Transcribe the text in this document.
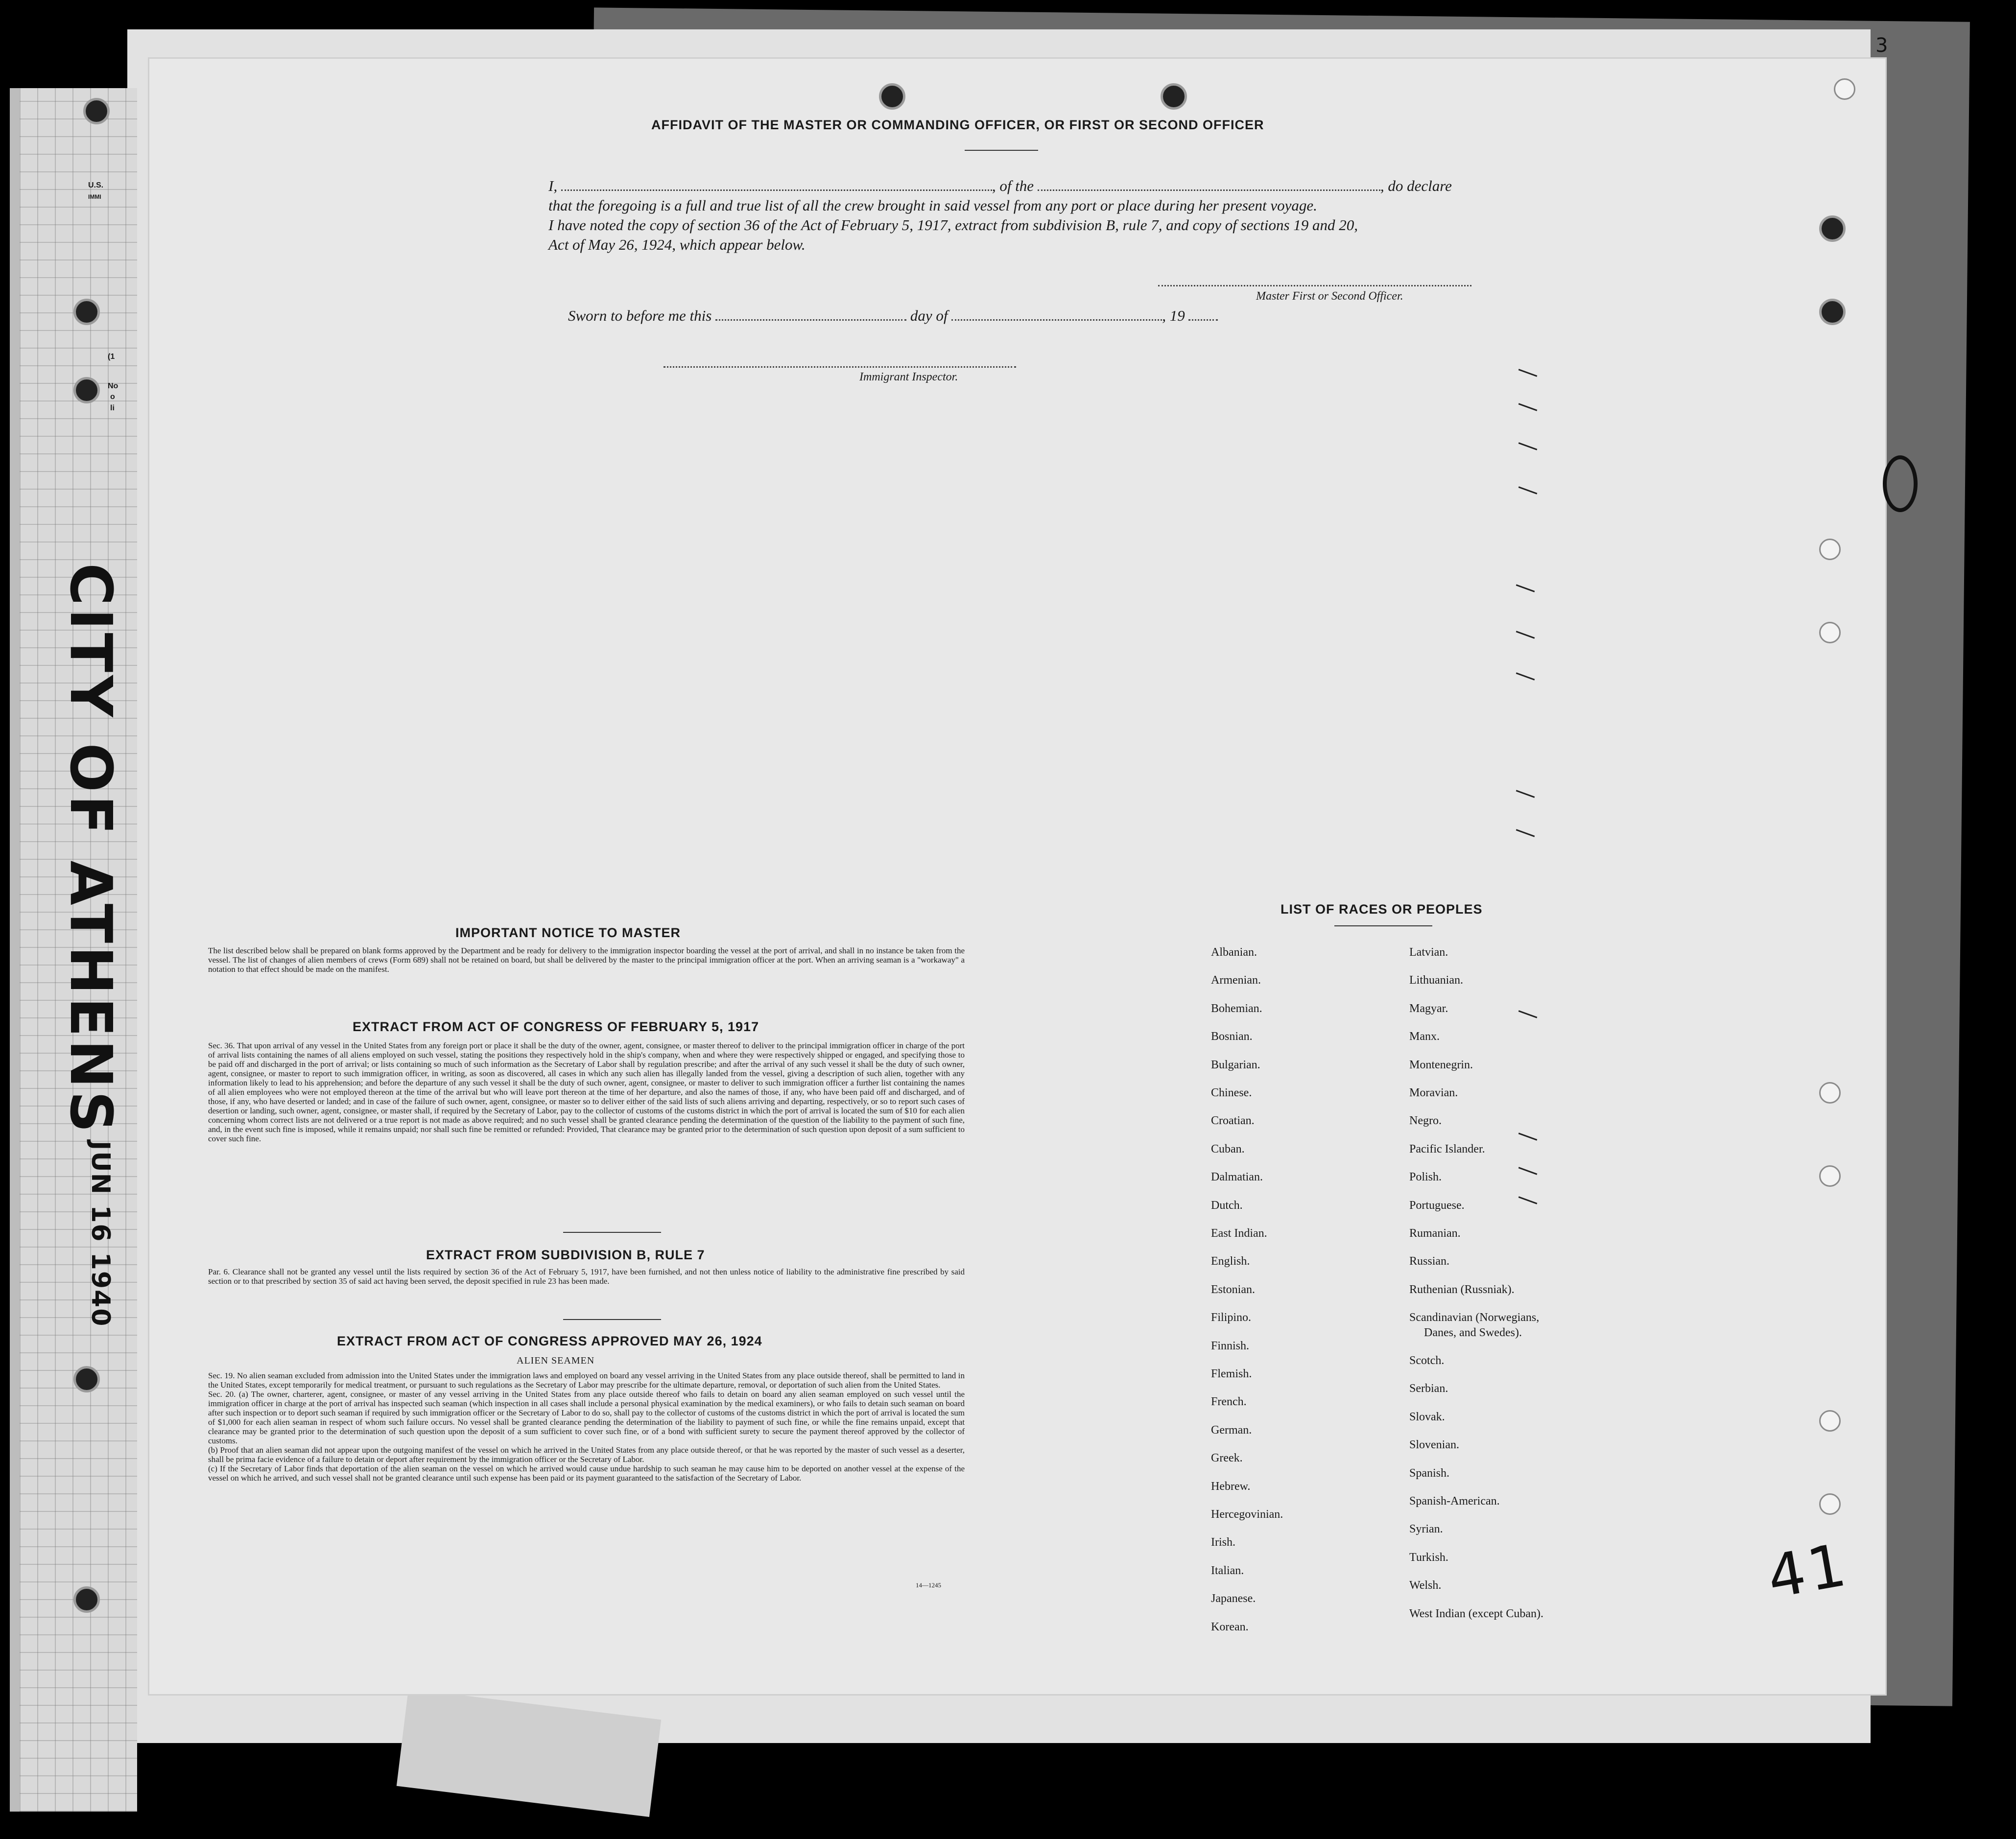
U.S.
IMMI
(1
No
o
li
CITY OF ATHENS
JUN 16 1940
3
AFFIDAVIT OF THE MASTER OR COMMANDING OFFICER, OR FIRST OR SECOND OFFICER
I,	, of the	, do declare
that the foregoing is a full and true list of all the crew brought in said vessel from any port or place during her present voyage.
I have noted the copy of section 36 of the Act of February 5, 1917, extract from subdivision B, rule 7, and copy of sections 19 and 20,
Act of May 26, 1924, which appear below.
Master First or Second Officer.
Sworn to before me this	day of	, 19
Immigrant Inspector.
IMPORTANT NOTICE TO MASTER
The list described below shall be prepared on blank forms approved by the Department and be ready for delivery to the immigration inspector boarding the vessel at the port of arrival, and shall in no instance be taken from the vessel. The list of changes of alien members of crews (Form 689) shall not be retained on board, but shall be delivered by the master to the principal immigration officer at the port. When an arriving seaman is a "workaway" a notation to that effect should be made on the manifest.
EXTRACT FROM ACT OF CONGRESS OF FEBRUARY 5, 1917
Sec. 36. That upon arrival of any vessel in the United States from any foreign port or place it shall be the duty of the owner, agent, consignee, or master thereof to deliver to the principal immigration officer in charge of the port of arrival lists containing the names of all aliens employed on such vessel, stating the positions they respectively hold in the ship's company, when and where they were respectively shipped or engaged, and specifying those to be paid off and discharged in the port of arrival; or lists containing so much of such information as the Secretary of Labor shall by regulation prescribe; and after the arrival of any such vessel it shall be the duty of such owner, agent, consignee, or master to report to such immigration officer, in writing, as soon as discovered, all cases in which any such alien has illegally landed from the vessel, giving a description of such alien, together with any information likely to lead to his apprehension; and before the departure of any such vessel it shall be the duty of such owner, agent, consignee, or master to deliver to such immigration officer a further list containing the names of all alien employees who were not employed thereon at the time of the arrival but who will leave port thereon at the time of her departure, and also the names of those, if any, who have been paid off and discharged, and of those, if any, who have deserted or landed; and in case of the failure of such owner, agent, consignee, or master so to deliver either of the said lists of such aliens arriving and departing, respectively, or so to report such cases of desertion or landing, such owner, agent, consignee, or master shall, if required by the Secretary of Labor, pay to the collector of customs of the customs district in which the port of arrival is located the sum of $10 for each alien concerning whom correct lists are not delivered or a true report is not made as above required; and no such vessel shall be granted clearance pending the determination of the question of the liability to the payment of such fine, and, in the event such fine is imposed, while it remains unpaid; nor shall such fine be remitted or refunded: Provided, That clearance may be granted prior to the determination of such question upon deposit of a sum sufficient to cover such fine.
EXTRACT FROM SUBDIVISION B, RULE 7
Par. 6. Clearance shall not be granted any vessel until the lists required by section 36 of the Act of February 5, 1917, have been furnished, and not then unless notice of liability to the administrative fine prescribed by said section or to that prescribed by section 35 of said act having been served, the deposit specified in rule 23 has been made.
EXTRACT FROM ACT OF CONGRESS APPROVED MAY 26, 1924
ALIEN SEAMEN
Sec. 19. No alien seaman excluded from admission into the United States under the immigration laws and employed on board any vessel arriving in the United States from any place outside thereof, shall be permitted to land in the United States, except temporarily for medical treatment, or pursuant to such regulations as the Secretary of Labor may prescribe for the ultimate departure, removal, or deportation of such alien from the United States.
Sec. 20. (a) The owner, charterer, agent, consignee, or master of any vessel arriving in the United States from any place outside thereof who fails to detain on board any alien seaman employed on such vessel until the immigration officer in charge at the port of arrival has inspected such seaman (which inspection in all cases shall include a personal physical examination by the medical examiners), or who fails to detain such seaman on board after such inspection or to deport such seaman if required by such immigration officer or the Secretary of Labor to do so, shall pay to the collector of customs of the customs district in which the port of arrival is located the sum of $1,000 for each alien seaman in respect of whom such failure occurs. No vessel shall be granted clearance pending the determination of the liability to payment of such fine, or while the fine remains unpaid, except that clearance may be granted prior to the determination of such question upon the deposit of a sum sufficient to cover such fine, or of a bond with sufficient surety to secure the payment thereof approved by the collector of customs.
(b) Proof that an alien seaman did not appear upon the outgoing manifest of the vessel on which he arrived in the United States from any place outside thereof, or that he was reported by the master of such vessel as a deserter, shall be prima facie evidence of a failure to detain or deport after requirement by the immigration officer or the Secretary of Labor.
(c) If the Secretary of Labor finds that deportation of the alien seaman on the vessel on which he arrived would cause undue hardship to such seaman he may cause him to be deported on another vessel at the expense of the vessel on which he arrived, and such vessel shall not be granted clearance until such expense has been paid or its payment guaranteed to the satisfaction of the Secretary of Labor.
14—1245
LIST OF RACES OR PEOPLES
Albanian.
Armenian.
Bohemian.
Bosnian.
Bulgarian.
Chinese.
Croatian.
Cuban.
Dalmatian.
Dutch.
East Indian.
English.
Estonian.
Filipino.
Finnish.
Flemish.
French.
German.
Greek.
Hebrew.
Hercegovinian.
Irish.
Italian.
Japanese.
Korean.
Latvian.
Lithuanian.
Magyar.
Manx.
Montenegrin.
Moravian.
Negro.
Pacific Islander.
Polish.
Portuguese.
Rumanian.
Russian.
Ruthenian (Russniak).
Scandinavian (Norwegians,
Danes, and Swedes).
Scotch.
Serbian.
Slovak.
Slovenian.
Spanish.
Spanish-American.
Syrian.
Turkish.
Welsh.
West Indian (except Cuban).
41
